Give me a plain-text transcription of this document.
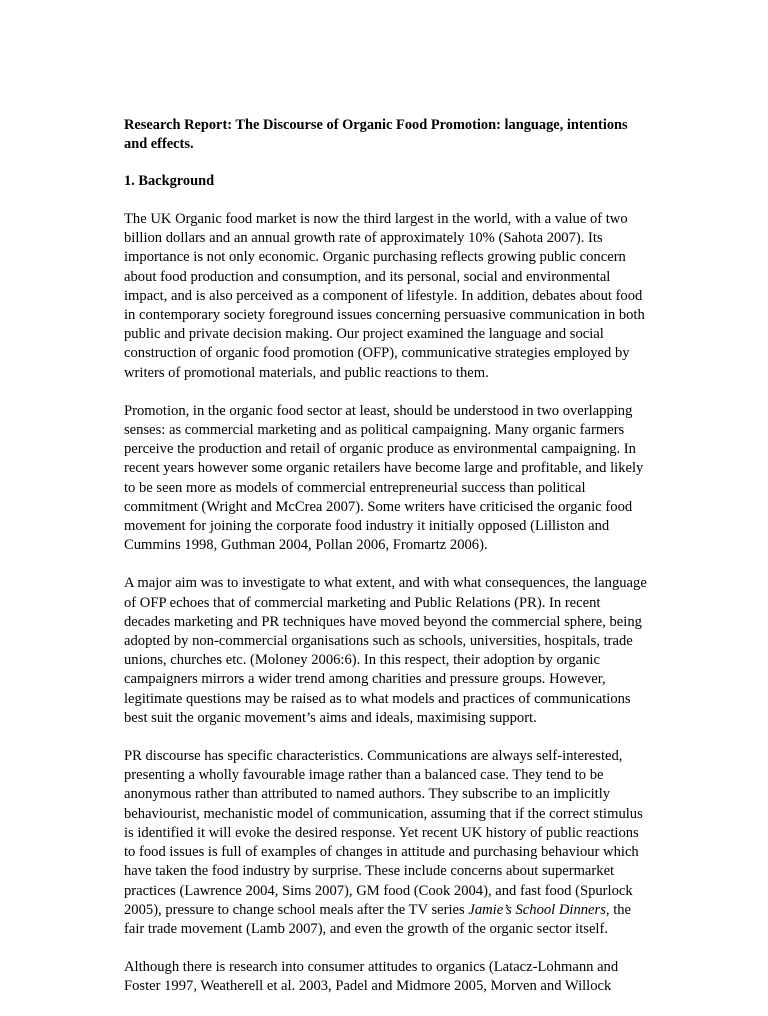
Research Report: The Discourse of Organic Food Promotion: language, intentions
and effects.
1. Background

The UK Organic food market is now the third largest in the world, with a value of two
billion dollars and an annual growth rate of approximately 10% (Sahota 2007). Its
importance is not only economic. Organic purchasing reflects growing public concern
about food production and consumption, and its personal, social and environmental
impact, and is also perceived as a component of lifestyle. In addition, debates about food
in contemporary society foreground issues concerning persuasive communication in both
public and private decision making. Our project examined the language and social
construction of organic food promotion (OFP), communicative strategies employed by
writers of promotional materials, and public reactions to them.

Promotion, in the organic food sector at least, should be understood in two overlapping
senses: as commercial marketing and as political campaigning. Many organic farmers
perceive the production and retail of organic produce as environmental campaigning. In
recent years however some organic retailers have become large and profitable, and likely
to be seen more as models of commercial entrepreneurial success than political
commitment (Wright and McCrea 2007). Some writers have criticised the organic food
movement for joining the corporate food industry it initially opposed (Lilliston and
Cummins 1998, Guthman 2004, Pollan 2006, Fromartz 2006).

A major aim was to investigate to what extent, and with what consequences, the language
of OFP echoes that of commercial marketing and Public Relations (PR). In recent
decades marketing and PR techniques have moved beyond the commercial sphere, being
adopted by non-commercial organisations such as schools, universities, hospitals, trade
unions, churches etc. (Moloney 2006:6). In this respect, their adoption by organic
campaigners mirrors a wider trend among charities and pressure groups. However,
legitimate questions may be raised as to what models and practices of communications
best suit the organic movement’s aims and ideals, maximising support.

PR discourse has specific characteristics. Communications are always self-interested,
presenting a wholly favourable image rather than a balanced case. They tend to be
anonymous rather than attributed to named authors. They subscribe to an implicitly
behaviourist, mechanistic model of communication, assuming that if the correct stimulus
is identified it will evoke the desired response. Yet recent UK history of public reactions
to food issues is full of examples of changes in attitude and purchasing behaviour which
have taken the food industry by surprise. These include concerns about supermarket
practices (Lawrence 2004, Sims 2007), GM food (Cook 2004), and fast food (Spurlock
2005), pressure to change school meals after the TV series Jamie’s School Dinners, the
fair trade movement (Lamb 2007), and even the growth of the organic sector itself.

Although there is research into consumer attitudes to organics (Latacz-Lohmann and
Foster 1997, Weatherell et al. 2003, Padel and Midmore 2005, Morven and Willock
